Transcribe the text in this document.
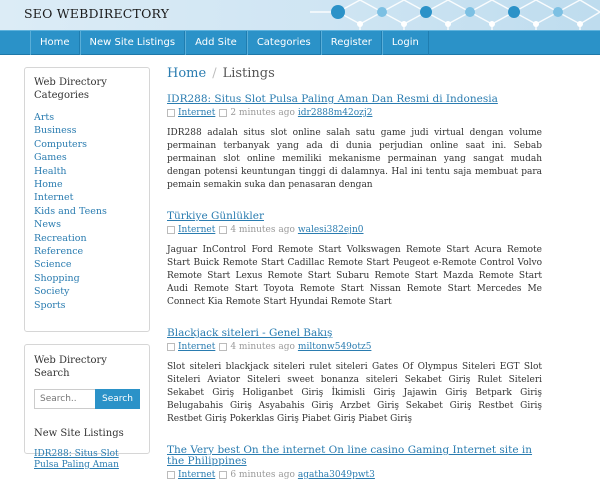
SEO WEBDIRECTORY
Home	New Site Listings	Add Site	Categories	Register	Login
Web Directory Categories
Arts
Business
Computers
Games
Health
Home
Internet
Kids and Teens
News
Recreation
Reference
Science
Shopping
Society
Sports
Web Directory Search
Search..
Search
New Site Listings
IDR288: Situs Slot Pulsa Paling Aman
Home / Listings
IDR288: Situs Slot Pulsa Paling Aman Dan Resmi di Indonesia
Internet 2 minutes ago idr2888m42ozj2
IDR288 adalah situs slot online salah satu game judi virtual dengan volume permainan terbanyak yang ada di dunia perjudian online saat ini. Sebab permainan slot online memiliki mekanisme permainan yang sangat mudah dengan potensi keuntungan tinggi di dalamnya. Hal ini tentu saja membuat para pemain semakin suka dan penasaran dengan
Türkiye Günlükler
Internet 4 minutes ago walesi382ejn0
Jaguar InControl Ford Remote Start Volkswagen Remote Start Acura Remote Start Buick Remote Start Cadillac Remote Start Peugeot e-Remote Control Volvo Remote Start Lexus Remote Start Subaru Remote Start Mazda Remote Start Audi Remote Start Toyota Remote Start Nissan Remote Start Mercedes Me Connect Kia Remote Start Hyundai Remote Start
Blackjack siteleri - Genel Bakış
Internet 4 minutes ago miltonw549otz5
Slot siteleri blackjack siteleri rulet siteleri Gates Of Olympus Siteleri EGT Slot Siteleri Aviator Siteleri sweet bonanza siteleri Sekabet Giriş Rulet Siteleri Sekabet Giriş Holiganbet Giriş İkimisli Giriş Jajawin Giriş Betpark Giriş Belugabahis Giriş Asyabahis Giriş Arzbet Giriş Sekabet Giriş Restbet Giriş Restbet Giriş Pokerklas Giriş Piabet Giriş Piabet Giriş
The Very best On the internet On line casino Gaming Internet site in the Philippines
Internet 6 minutes ago agatha3049pwt3
